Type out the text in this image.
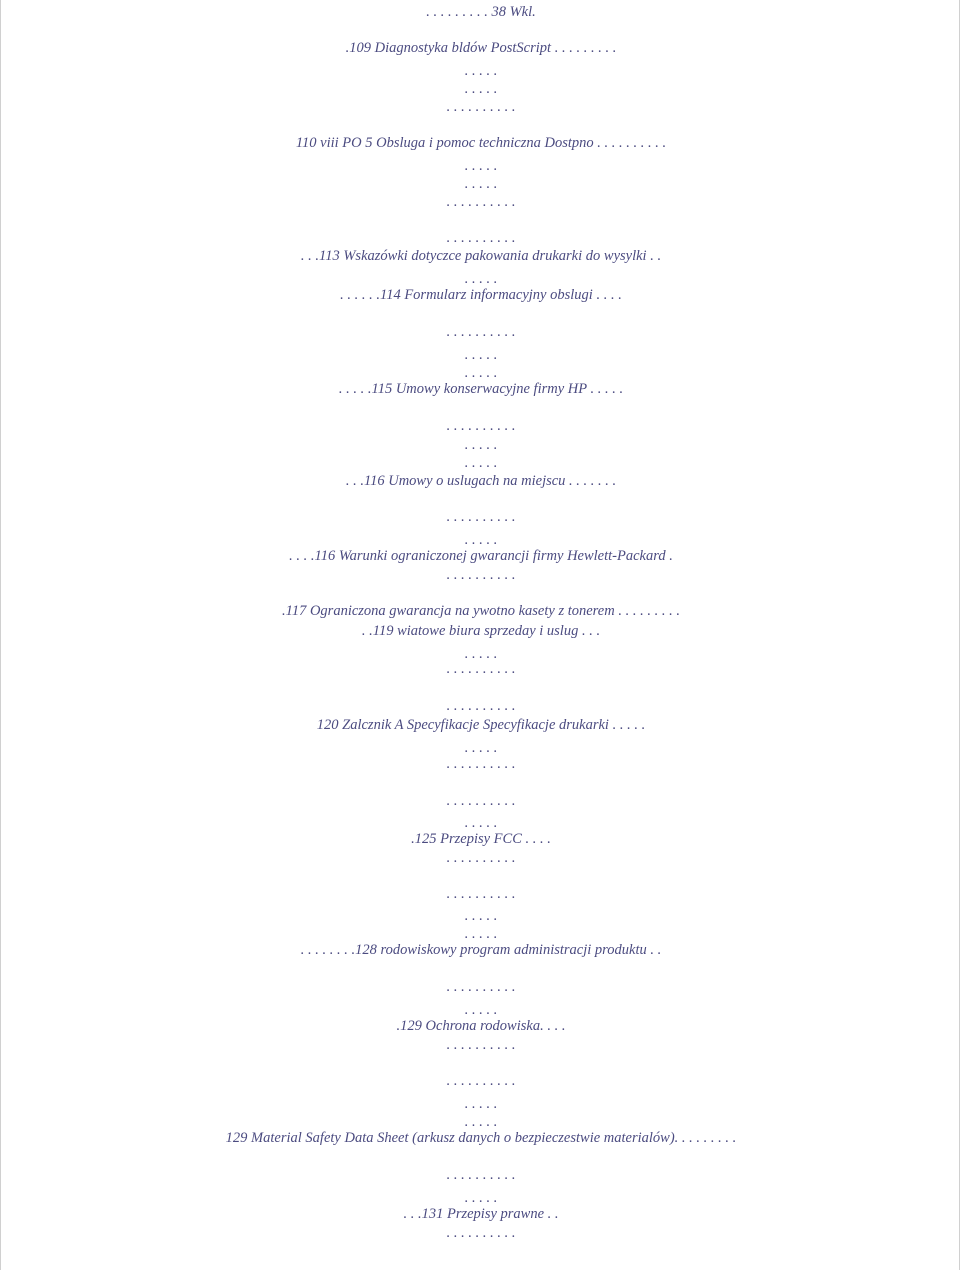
. . . . . . . . . 38 Wkl.
.109 Diagnostyka bldów PostScript . . . . . . . . .
. . . . .
. . . . .
. . . . . . . . . .
110 viii PO 5 Obsluga i pomoc techniczna Dostpno . . . . . . . . . .
. . . . .
. . . . .
. . . . . . . . . .
. . . . . . . . . .
. . .113 Wskazówki dotyczce pakowania drukarki do wysylki . .
. . . . .
. . . . . .114 Formularz informacyjny obslugi . . . .
. . . . . . . . . .
. . . . .
. . . . .
. . . . .115 Umowy konserwacyjne firmy HP . . . . .
. . . . . . . . . .
. . . . .
. . . . .
. . .116 Umowy o uslugach na miejscu . . . . . . .
. . . . . . . . . .
. . . . .
. . . .116 Warunki ograniczonej gwarancji firmy Hewlett-Packard .
. . . . . . . . . .
.117 Ograniczona gwarancja na ywotno kasety z tonerem . . . . . . . . .
. .119 wiatowe biura sprzeday i uslug . . .
. . . . .
. . . . . . . . . .
. . . . . . . . . .
120 Zalcznik A Specyfikacje Specyfikacje drukarki . . . . .
. . . . .
. . . . . . . . . .
. . . . . . . . . .
. . . . .
.125 Przepisy FCC . . . .
. . . . . . . . . .
. . . . . . . . . .
. . . . .
. . . . .
. . . . . . . .128 rodowiskowy program administracji produktu . .
. . . . . . . . . .
. . . . .
.129 Ochrona rodowiska. . . .
. . . . . . . . . .
. . . . . . . . . .
. . . . .
. . . . .
129 Material Safety Data Sheet (arkusz danych o bezpieczestwie materialów). . . . . . . . .
. . . . . . . . . .
. . . . .
. . .131 Przepisy prawne . .
. . . . . . . . . .
